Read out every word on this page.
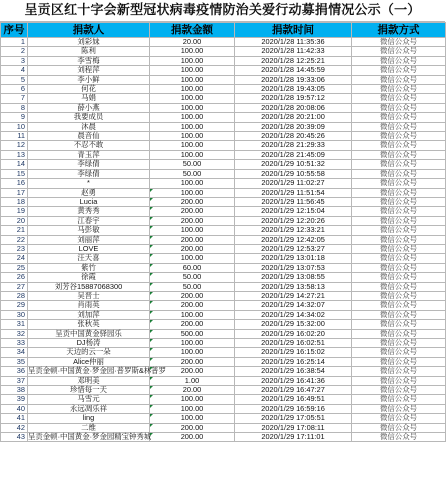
呈贡区红十字会新型冠状病毒疫情防治关爱行动募捐情况公示（一）
序号	捐款人	捐款金额	捐款时间	捐款方式
1	刘彩妹	20.00	2020/1/28 11:35:36	微信公众号
2	陈利	100.00	2020/1/28 11:42:33	微信公众号
3	李雪梅	100.00	2020/1/28 12:25:21	微信公众号
4	刘程萍	100.00	2020/1/28 14:45:59	微信公众号
5	李小鲜	100.00	2020/1/28 19:33:06	微信公众号
6	何花	100.00	2020/1/28 19:43:05	微信公众号
7	马娟	100.00	2020/1/28 19:57:12	微信公众号
8	薛小燕	100.00	2020/1/28 20:08:06	微信公众号
9	我要成员	100.00	2020/1/28 20:21:00	微信公众号
10	沐晨	100.00	2020/1/28 20:39:09	微信公众号
11	晨音仙	100.00	2020/1/28 20:45:26	微信公众号
12	不忍不敢	100.00	2020/1/28 21:29:33	微信公众号
13	青玉萍	100.00	2020/1/28 21:45:09	微信公众号
14	李绿倩	50.00	2020/1/29 10:51:32	微信公众号
15	李绿倩	50.00	2020/1/29 10:55:58	微信公众号
16	*	100.00	2020/1/29 11:02:27	微信公众号
17	赵勇	100.00	2020/1/29 11:51:54	微信公众号
18	Lucia	200.00	2020/1/29 11:56:45	微信公众号
19	黄秀秀	200.00	2020/1/29 12:15:04	微信公众号
20	江春宇	200.00	2020/1/29 12:20:26	微信公众号
21	马彭敏	100.00	2020/1/29 12:33:21	微信公众号
22	刘丽萍	200.00	2020/1/29 12:42:05	微信公众号
23	LOVE	200.00	2020/1/29 12:53:27	微信公众号
24	汪天喜	100.00	2020/1/29 13:01:18	微信公众号
25	紫竹	60.00	2020/1/29 13:07:53	微信公众号
26	徐霞	50.00	2020/1/29 13:08:55	微信公众号
27	刘芳谷15887068300	50.00	2020/1/29 13:58:13	微信公众号
28	吴晋士	200.00	2020/1/29 14:27:21	微信公众号
29	肖雨英	200.00	2020/1/29 14:32:07	微信公众号
30	刘加萍	100.00	2020/1/29 14:34:02	微信公众号
31	张秋英	200.00	2020/1/29 15:32:00	微信公众号
32	呈贡中国黄金驿园乐	500.00	2020/1/29 16:02:20	微信公众号
33	DJ杨涛	100.00	2020/1/29 16:02:51	微信公众号
34	天边的云一朵	100.00	2020/1/29 16:15:02	微信公众号
35	Alice仲丽	200.00	2020/1/29 16:25:14	微信公众号
36	呈贡金顿·中国黄金·梦金园·普罗斯&林普罗	200.00	2020/1/29 16:38:54	微信公众号
37	邓明美	1.00	2020/1/29 16:41:36	微信公众号
38	珍惜每一天	20.00	2020/1/29 16:47:27	微信公众号
39	马雪元	100.00	2020/1/29 16:49:51	微信公众号
40	永远凋乐祥	100.00	2020/1/29 16:59:16	微信公众号
41	ling	100.00	2020/1/29 17:05:51	微信公众号
42	二维	200.00	2020/1/29 17:08:11	微信公众号
43	呈贡金顿·中国黄金·梦金园精宝钟秀城	200.00	2020/1/29 17:11:01	微信公众号
